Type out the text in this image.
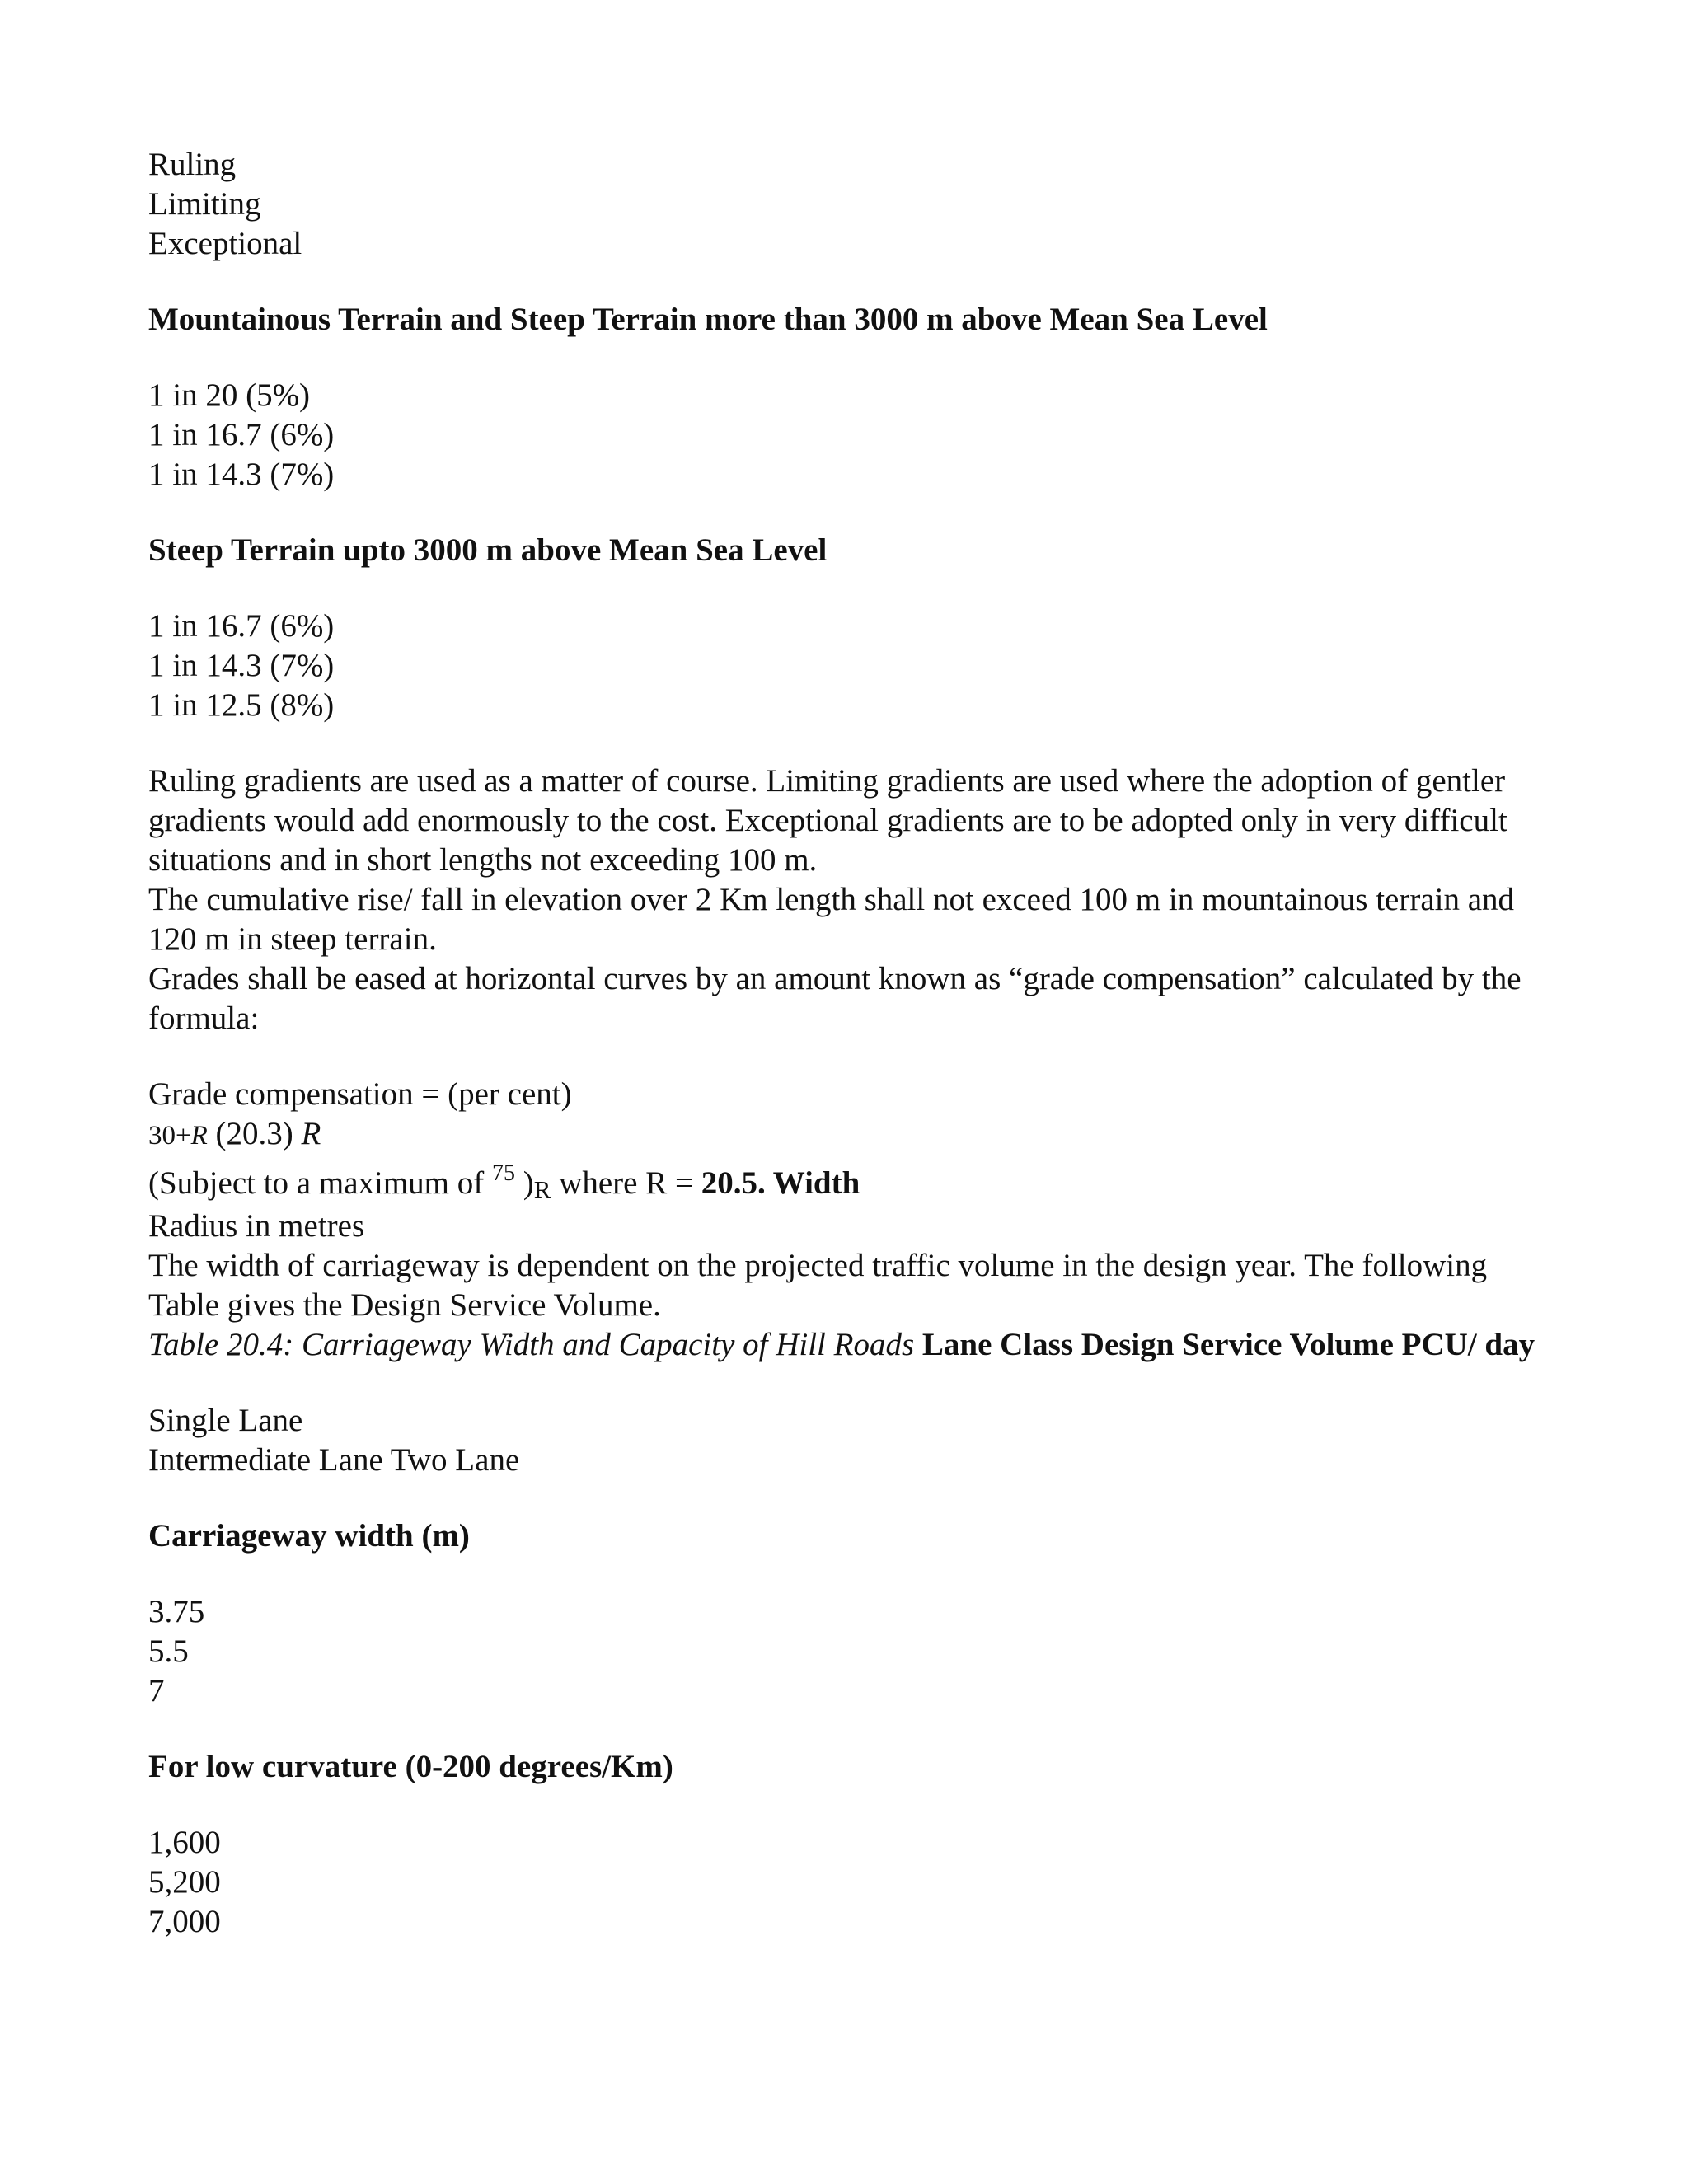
Ruling
Limiting
Exceptional
Mountainous Terrain and Steep Terrain more than 3000 m above Mean Sea Level
1 in 20 (5%)
1 in 16.7 (6%)
1 in 14.3 (7%)
Steep Terrain upto 3000 m above Mean Sea Level
1 in 16.7 (6%)
1 in 14.3 (7%)
1 in 12.5 (8%)
Ruling gradients are used as a matter of course. Limiting gradients are used where the adoption of gentler gradients would add enormously to the cost. Exceptional gradients are to be adopted only in very difficult situations and in short lengths not exceeding 100 m.
The cumulative rise/ fall in elevation over 2 Km length shall not exceed 100 m in mountainous terrain and 120 m in steep terrain.
Grades shall be eased at horizontal curves by an amount known as “grade compensation” calculated by the formula:
Grade compensation = (per cent)
30+R (20.3) R
(Subject to a maximum of $^{75}$ )R where R = 20.5. Width
Radius in metres
The width of carriageway is dependent on the projected traffic volume in the design year. The following Table gives the Design Service Volume.
Table 20.4: Carriageway Width and Capacity of Hill Roads Lane Class Design Service Volume PCU/ day
Single Lane
Intermediate Lane Two Lane
Carriageway width (m)
3.75
5.5
7
For low curvature (0-200 degrees/Km)
1,600
5,200
7,000
